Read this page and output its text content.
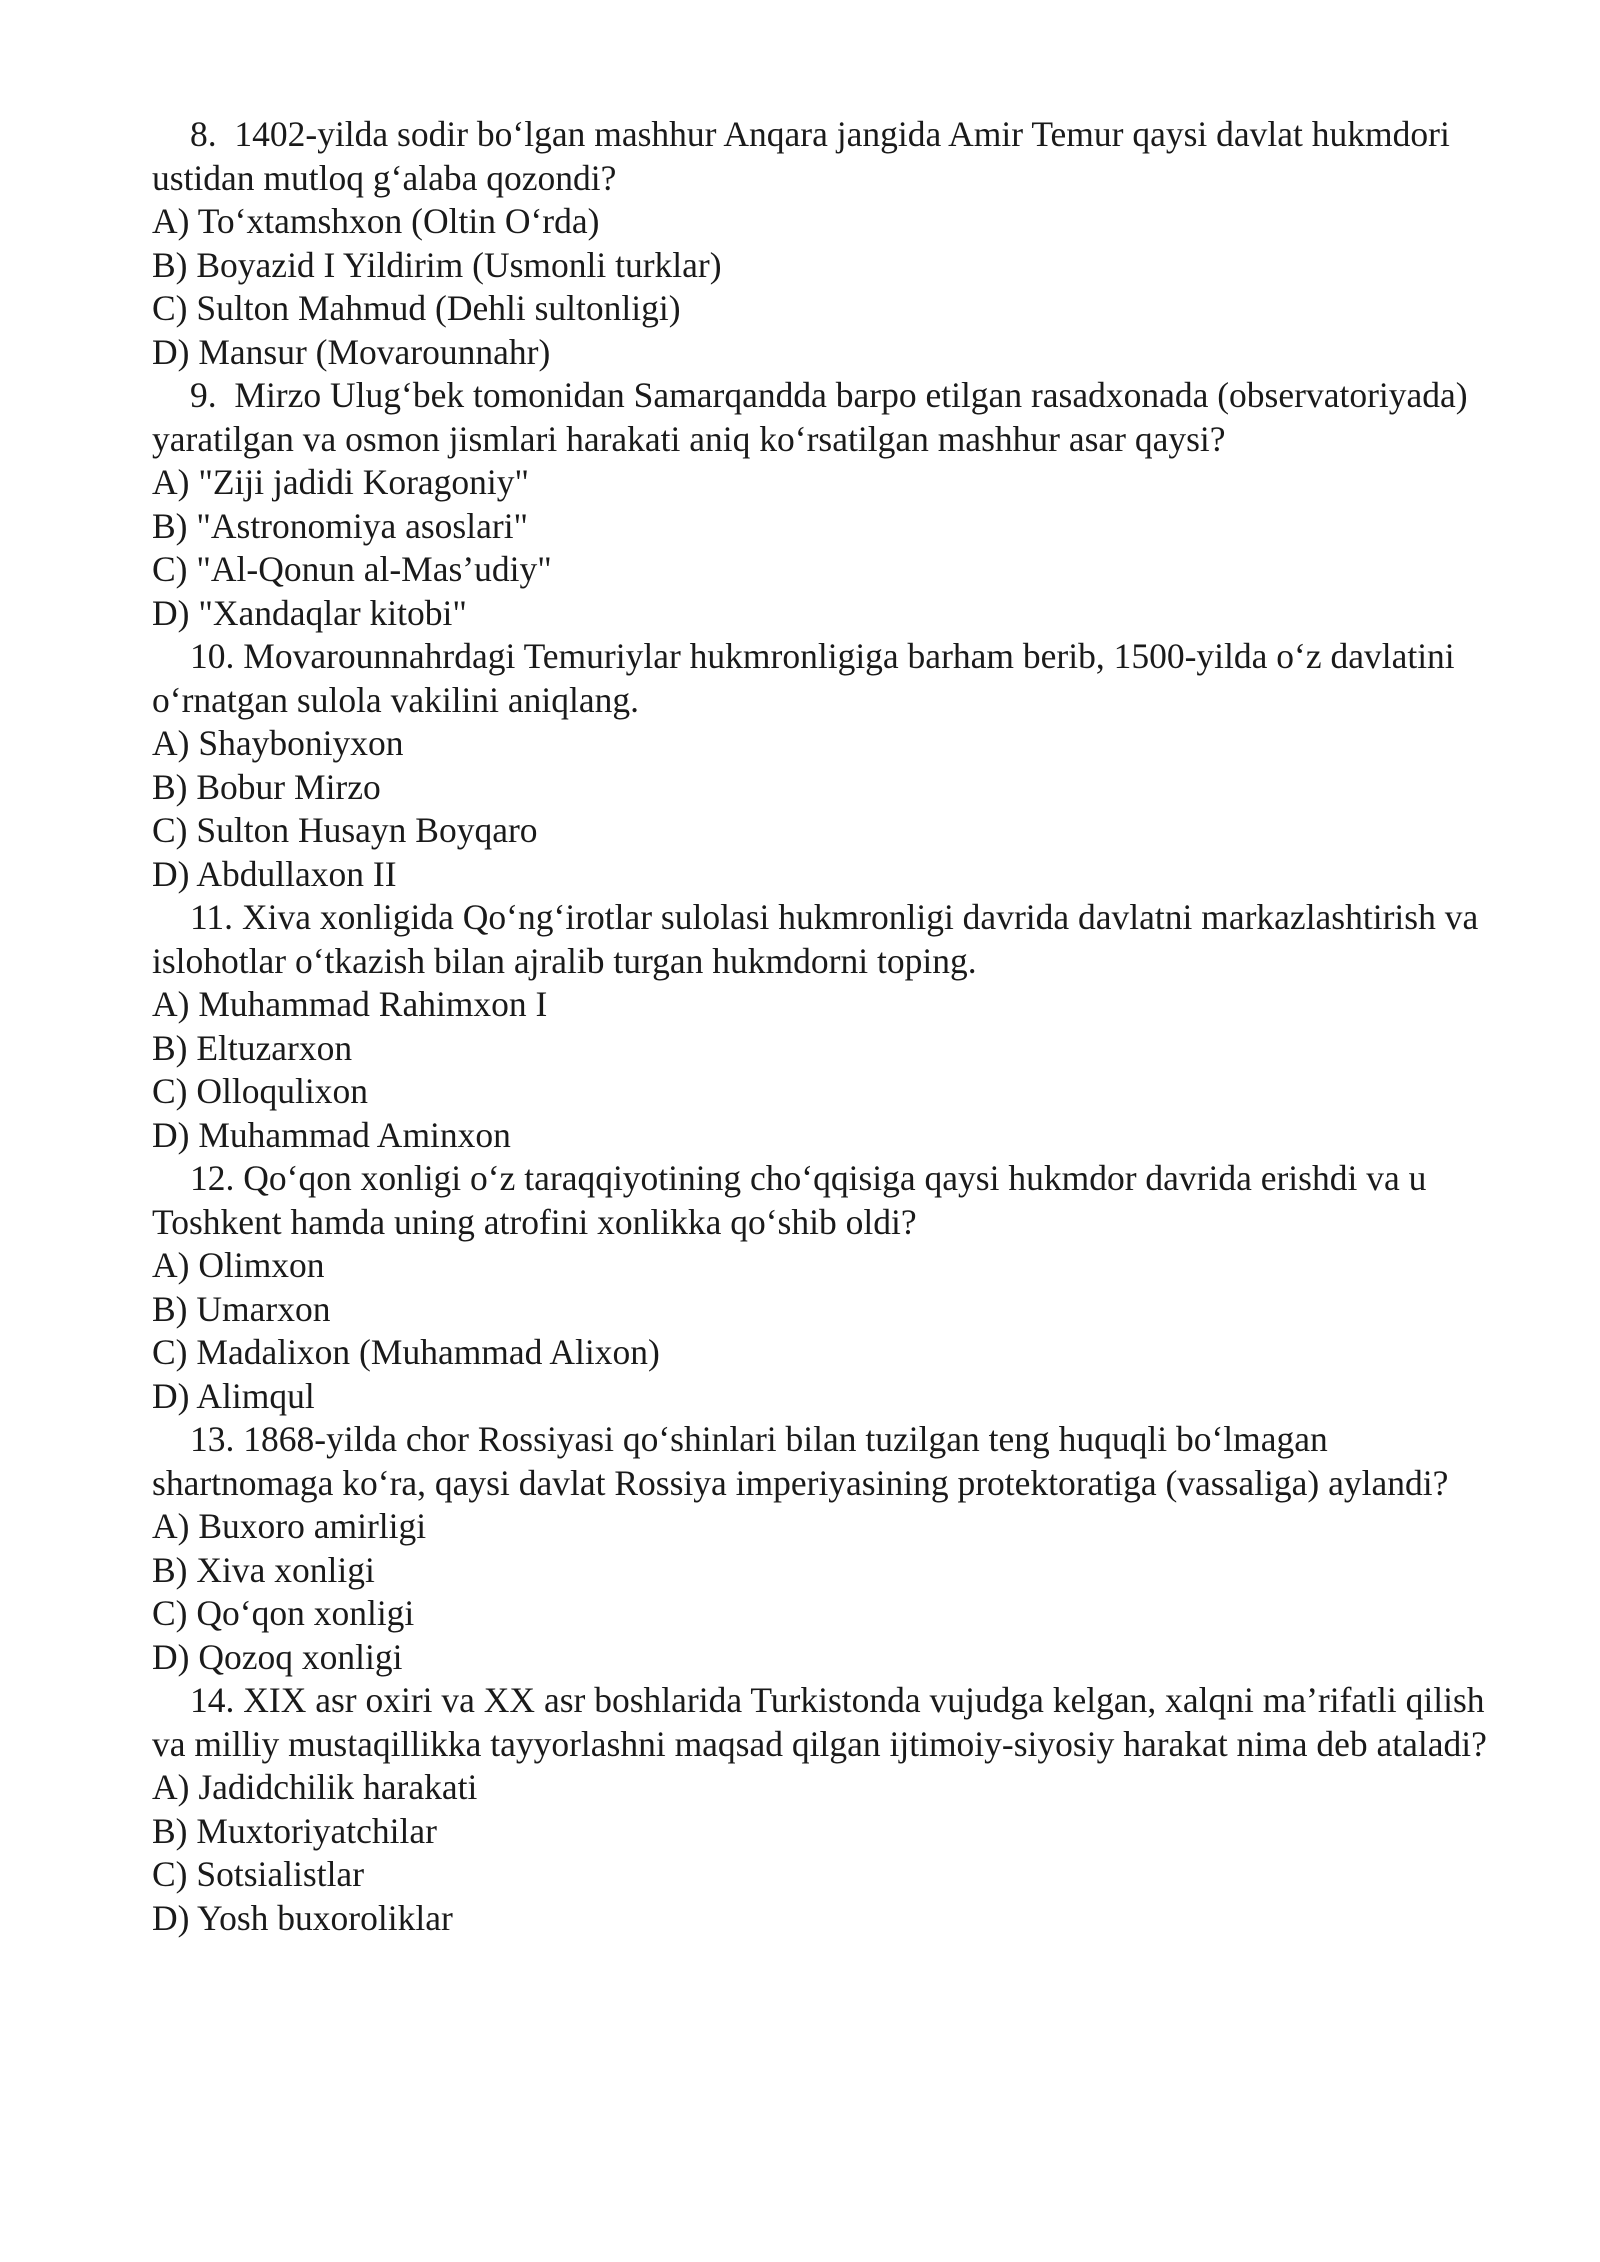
8. 1402-yilda sodir bo‘lgan mashhur Anqara jangida Amir Temur qaysi davlat hukmdori ustidan mutloq g‘alaba qozondi?

A) To‘xtamshxon (Oltin O‘rda)

B) Boyazid I Yildirim (Usmonli turklar)

C) Sulton Mahmud (Dehli sultonligi)

D) Mansur (Movarounnahr)

9. Mirzo Ulug‘bek tomonidan Samarqandda barpo etilgan rasadxonada (observatoriyada) yaratilgan va osmon jismlari harakati aniq ko‘rsatilgan mashhur asar qaysi?

A) "Ziji jadidi Koragoniy"

B) "Astronomiya asoslari"

C) "Al-Qonun al-Mas’udiy"

D) "Xandaqlar kitobi"

10. Movarounnahrdagi Temuriylar hukmronligiga barham berib, 1500-yilda o‘z davlatini o‘rnatgan sulola vakilini aniqlang.

A) Shayboniyxon

B) Bobur Mirzo

C) Sulton Husayn Boyqaro

D) Abdullaxon II

11. Xiva xonligida Qo‘ng‘irotlar sulolasi hukmronligi davrida davlatni markazlashtirish va islohotlar o‘tkazish bilan ajralib turgan hukmdorni toping.

A) Muhammad Rahimxon I

B) Eltuzarxon

C) Olloqulixon

D) Muhammad Aminxon

12. Qo‘qon xonligi o‘z taraqqiyotining cho‘qqisiga qaysi hukmdor davrida erishdi va u Toshkent hamda uning atrofini xonlikka qo‘shib oldi?

A) Olimxon

B) Umarxon

C) Madalixon (Muhammad Alixon)

D) Alimqul

13. 1868-yilda chor Rossiyasi qo‘shinlari bilan tuzilgan teng huquqli bo‘lmagan shartnomaga ko‘ra, qaysi davlat Rossiya imperiyasining protektoratiga (vassaliga) aylandi?

A) Buxoro amirligi

B) Xiva xonligi

C) Qo‘qon xonligi

D) Qozoq xonligi

14. XIX asr oxiri va XX asr boshlarida Turkistonda vujudga kelgan, xalqni ma’rifatli qilish va milliy mustaqillikka tayyorlashni maqsad qilgan ijtimoiy-siyosiy harakat nima deb ataladi?

A) Jadidchilik harakati

B) Muxtoriyatchilar

C) Sotsialistlar

D) Yosh buxoroliklar
